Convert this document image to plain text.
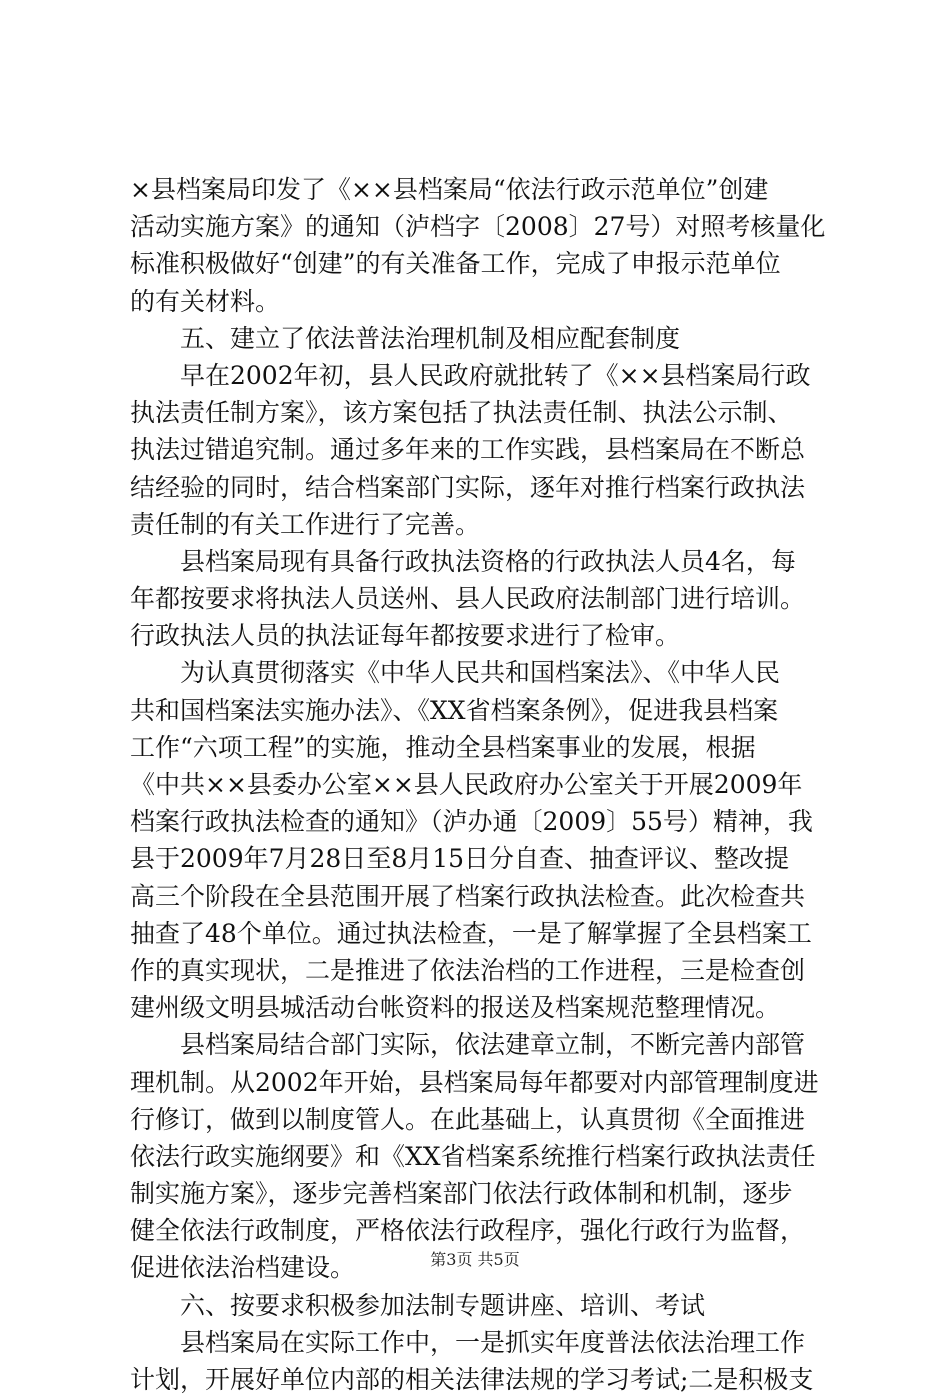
×县档案局印发了《××县档案局“依法行政示范单位”创建
活动实施方案》的通知（泸档字〔2008〕27号）对照考核量化
标准积极做好“创建”的有关准备工作，完成了申报示范单位
的有关材料。
五、建立了依法普法治理机制及相应配套制度
早在2002年初，县人民政府就批转了《××县档案局行政
执法责任制方案》，该方案包括了执法责任制、执法公示制、
执法过错追究制。通过多年来的工作实践，县档案局在不断总
结经验的同时，结合档案部门实际，逐年对推行档案行政执法
责任制的有关工作进行了完善。
县档案局现有具备行政执法资格的行政执法人员4名，每
年都按要求将执法人员送州、县人民政府法制部门进行培训。
行政执法人员的执法证每年都按要求进行了检审。
为认真贯彻落实《中华人民共和国档案法》、《中华人民
共和国档案法实施办法》、《XX省档案条例》，促进我县档案
工作“六项工程”的实施，推动全县档案事业的发展，根据
《中共××县委办公室××县人民政府办公室关于开展2009年
档案行政执法检查的通知》（泸办通〔2009〕55号）精神，我
县于2009年7月28日至8月15日分自查、抽查评议、整改提
高三个阶段在全县范围开展了档案行政执法检查。此次检查共
抽查了48个单位。通过执法检查，一是了解掌握了全县档案工
作的真实现状，二是推进了依法治档的工作进程，三是检查创
建州级文明县城活动台帐资料的报送及档案规范整理情况。
县档案局结合部门实际，依法建章立制，不断完善内部管
理机制。从2002年开始，县档案局每年都要对内部管理制度进
行修订，做到以制度管人。在此基础上，认真贯彻《全面推进
依法行政实施纲要》和《XX省档案系统推行档案行政执法责任
制实施方案》，逐步完善档案部门依法行政体制和机制，逐步
健全依法行政制度，严格依法行政程序，强化行政行为监督，
促进依法治档建设。
六、按要求积极参加法制专题讲座、培训、考试
县档案局在实际工作中，一是抓实年度普法依法治理工作
计划，开展好单位内部的相关法律法规的学习考试;二是积极支
第3页 共5页
